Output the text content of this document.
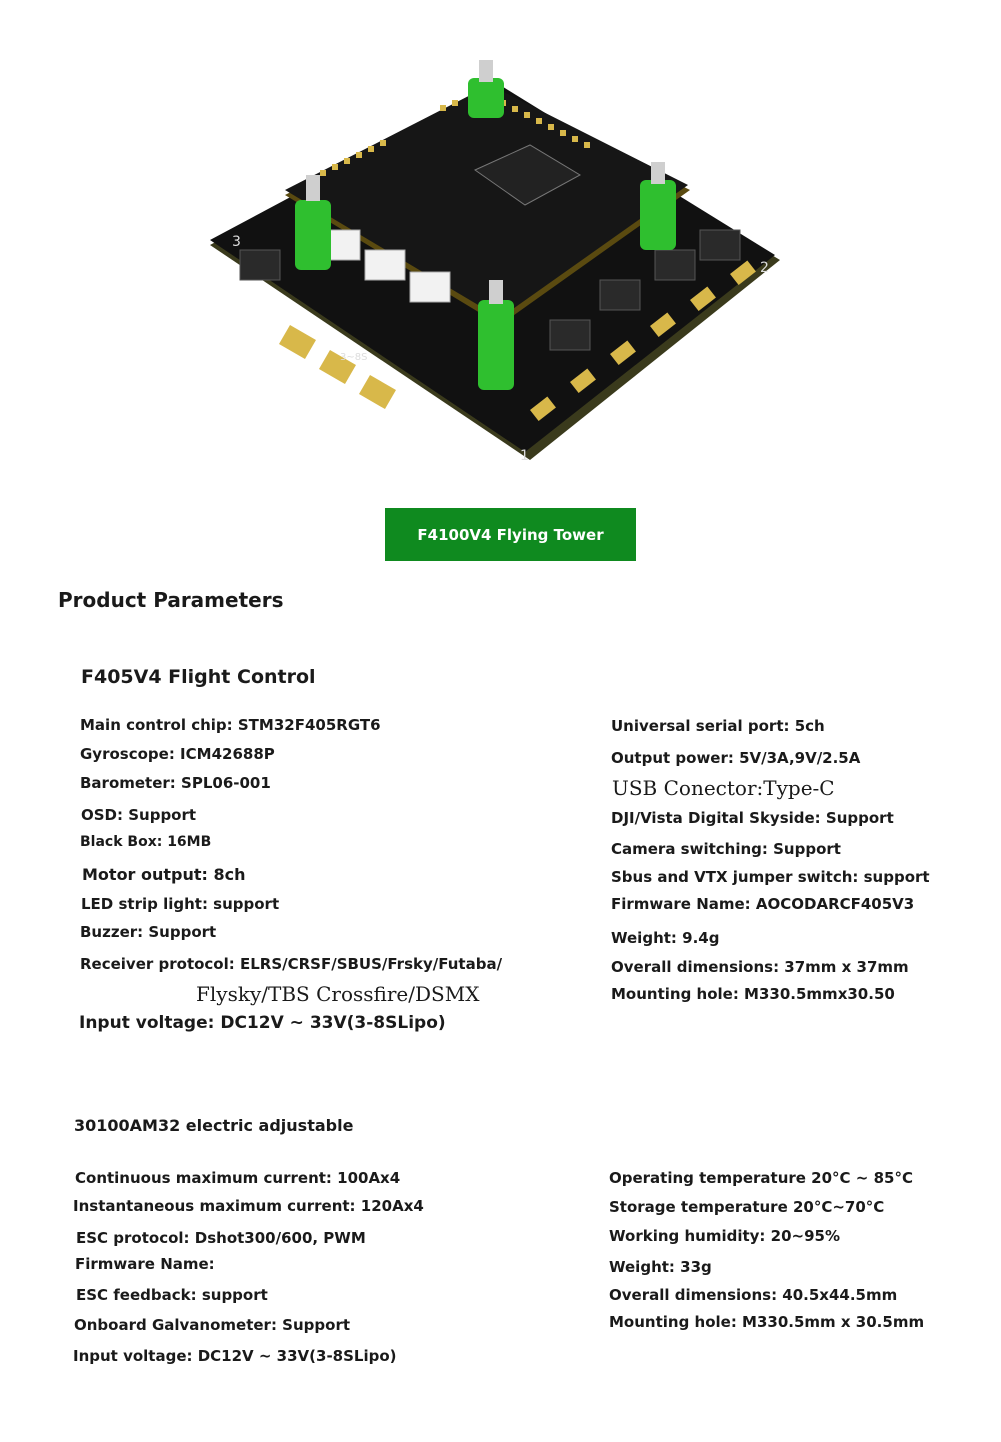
1
2
3
3~8S
F4100V4 Flying Tower
Product Parameters
F405V4 Flight Control
Main control chip: STM32F405RGT6
Gyroscope: ICM42688P
Barometer: SPL06-001
OSD: Support
Black Box: 16MB
Motor output: 8ch
LED strip light: support
Buzzer: Support
Receiver protocol: ELRS/CRSF/SBUS/Frsky/Futaba/
Flysky/TBS Crossfire/DSMX
Input voltage: DC12V ~ 33V(3-8SLipo)
Universal serial port: 5ch
Output power: 5V/3A,9V/2.5A
USB Conector:Type-C
DJI/Vista Digital Skyside: Support
Camera switching: Support
Sbus and VTX jumper switch: support
Firmware Name: AOCODARCF405V3
Weight: 9.4g
Overall dimensions: 37mm x 37mm
Mounting hole: M330.5mmx30.50
30100AM32 electric adjustable
Continuous maximum current: 100Ax4
Instantaneous maximum current: 120Ax4
ESC protocol: Dshot300/600, PWM
Firmware Name:
ESC feedback: support
Onboard Galvanometer: Support
Input voltage: DC12V ~ 33V(3-8SLipo)
Operating temperature 20°C ~ 85°C
Storage temperature 20°C~70°C
Working humidity: 20~95%
Weight: 33g
Overall dimensions: 40.5x44.5mm
Mounting hole: M330.5mm x 30.5mm
